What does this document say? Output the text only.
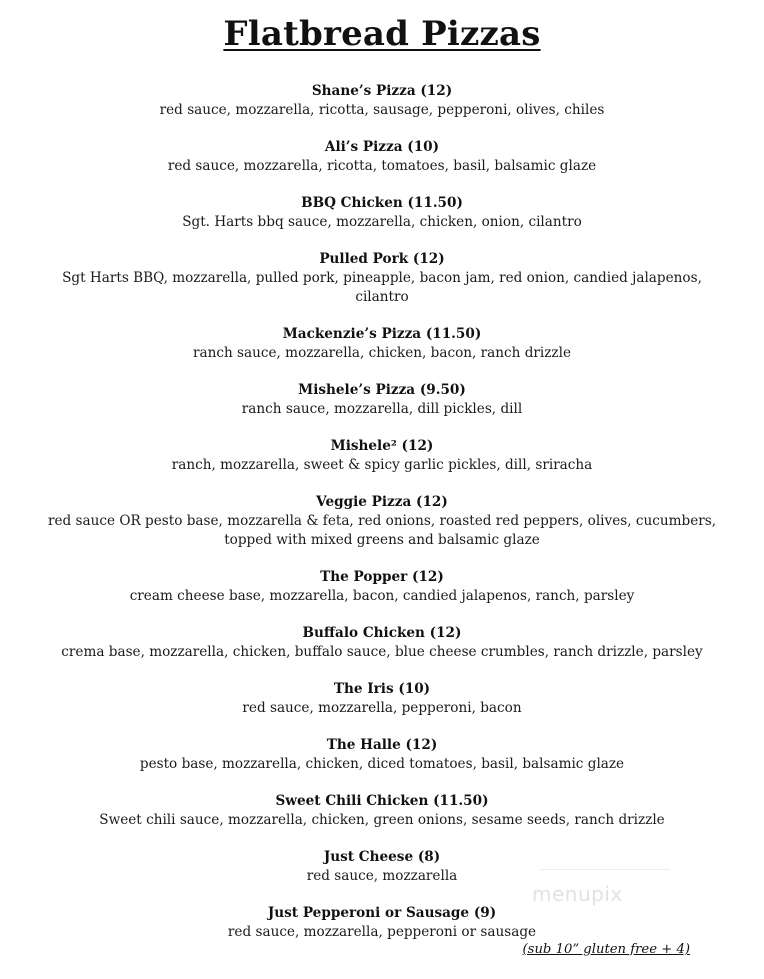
Flatbread Pizzas
Shane’s Pizza (12)
red sauce, mozzarella, ricotta, sausage, pepperoni, olives, chiles
Ali’s Pizza (10)
red sauce, mozzarella, ricotta, tomatoes, basil, balsamic glaze
BBQ Chicken (11.50)
Sgt. Harts bbq sauce, mozzarella, chicken, onion, cilantro
Pulled Pork (12)
Sgt Harts BBQ, mozzarella, pulled pork, pineapple, bacon jam, red onion, candied jalapenos, cilantro
Mackenzie’s Pizza (11.50)
ranch sauce, mozzarella, chicken, bacon, ranch drizzle
Mishele’s Pizza (9.50)
ranch sauce, mozzarella, dill pickles, dill
Mishele² (12)
ranch, mozzarella, sweet & spicy garlic pickles, dill, sriracha
Veggie Pizza (12)
red sauce OR pesto base, mozzarella & feta, red onions, roasted red peppers, olives, cucumbers, topped with mixed greens and balsamic glaze
The Popper (12)
cream cheese base, mozzarella, bacon, candied jalapenos, ranch, parsley
Buffalo Chicken (12)
crema base, mozzarella, chicken, buffalo sauce, blue cheese crumbles, ranch drizzle, parsley
The Iris (10)
red sauce, mozzarella, pepperoni, bacon
The Halle (12)
pesto base, mozzarella, chicken, diced tomatoes, basil, balsamic glaze
Sweet Chili Chicken (11.50)
Sweet chili sauce, mozzarella, chicken, green onions, sesame seeds, ranch drizzle
Just Cheese (8)
red sauce, mozzarella
Just Pepperoni or Sausage (9)
red sauce, mozzarella, pepperoni or sausage
menupix
(sub 10” gluten free + 4)
